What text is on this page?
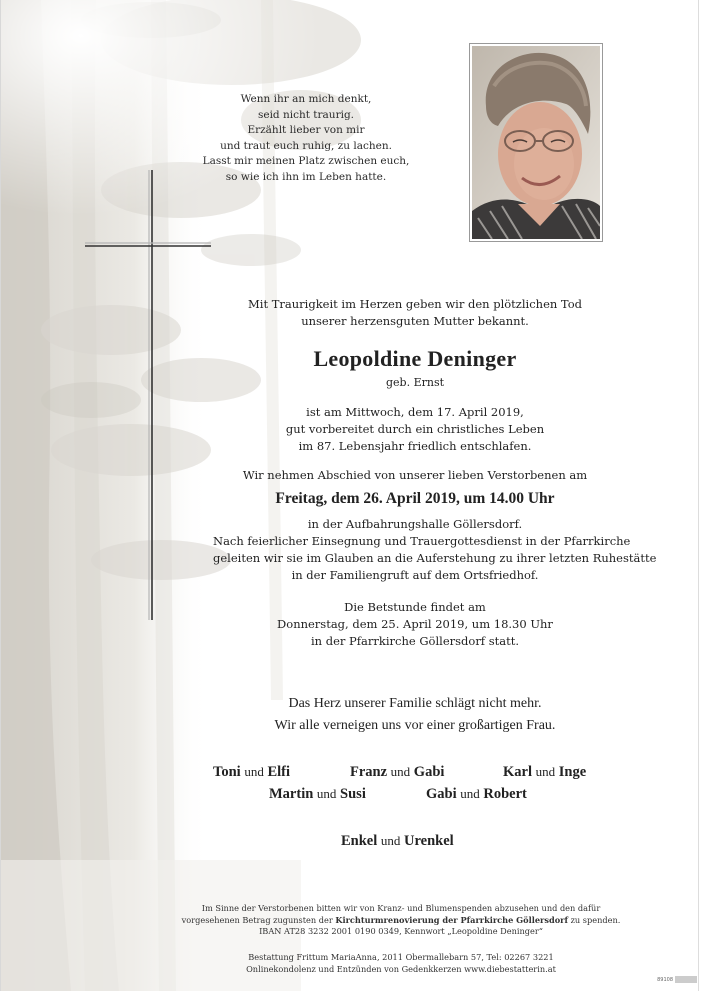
Wenn ihr an mich denkt,
seid nicht traurig.
Erzählt lieber von mir
und traut euch ruhig, zu lachen.
Lasst mir meinen Platz zwischen euch,
so wie ich ihn im Leben hatte.
Mit Traurigkeit im Herzen geben wir den plötzlichen Tod
unserer herzensguten Mutter bekannt.
Leopoldine Deninger
geb. Ernst
ist am Mittwoch, dem 17. April 2019,
gut vorbereitet durch ein christliches Leben
im 87. Lebensjahr friedlich entschlafen.
Wir nehmen Abschied von unserer lieben Verstorbenen am
Freitag, dem 26. April 2019, um 14.00 Uhr
in der Aufbahrungshalle Göllersdorf.
Nach feierlicher Einsegnung und Trauergottesdienst in der Pfarrkirche
geleiten wir sie im Glauben an die Auferstehung zu ihrer letzten Ruhestätte
in der Familiengruft auf dem Ortsfriedhof.
Die Betstunde findet am
Donnerstag, dem 25. April 2019, um 18.30 Uhr
in der Pfarrkirche Göllersdorf statt.
Das Herz unserer Familie schlägt nicht mehr.
Wir alle verneigen uns vor einer großartigen Frau.
Toni und Elfi	Franz und Gabi	Karl und Inge
Martin und Susi	Gabi und Robert
Enkel und Urenkel
Im Sinne der Verstorbenen bitten wir von Kranz- und Blumenspenden abzusehen und den dafür
vorgesehenen Betrag zugunsten der Kirchturmrenovierung der Pfarrkirche Göllersdorf zu spenden.
IBAN AT28 3232 2001 0190 0349, Kennwort „Leopoldine Deninger“
Bestattung Frittum MariaAnna, 2011 Obermallebarn 57, Tel: 02267 3221
Onlinekondolenz und Entzünden von Gedenkkerzen www.diebestatterin.at
89108
